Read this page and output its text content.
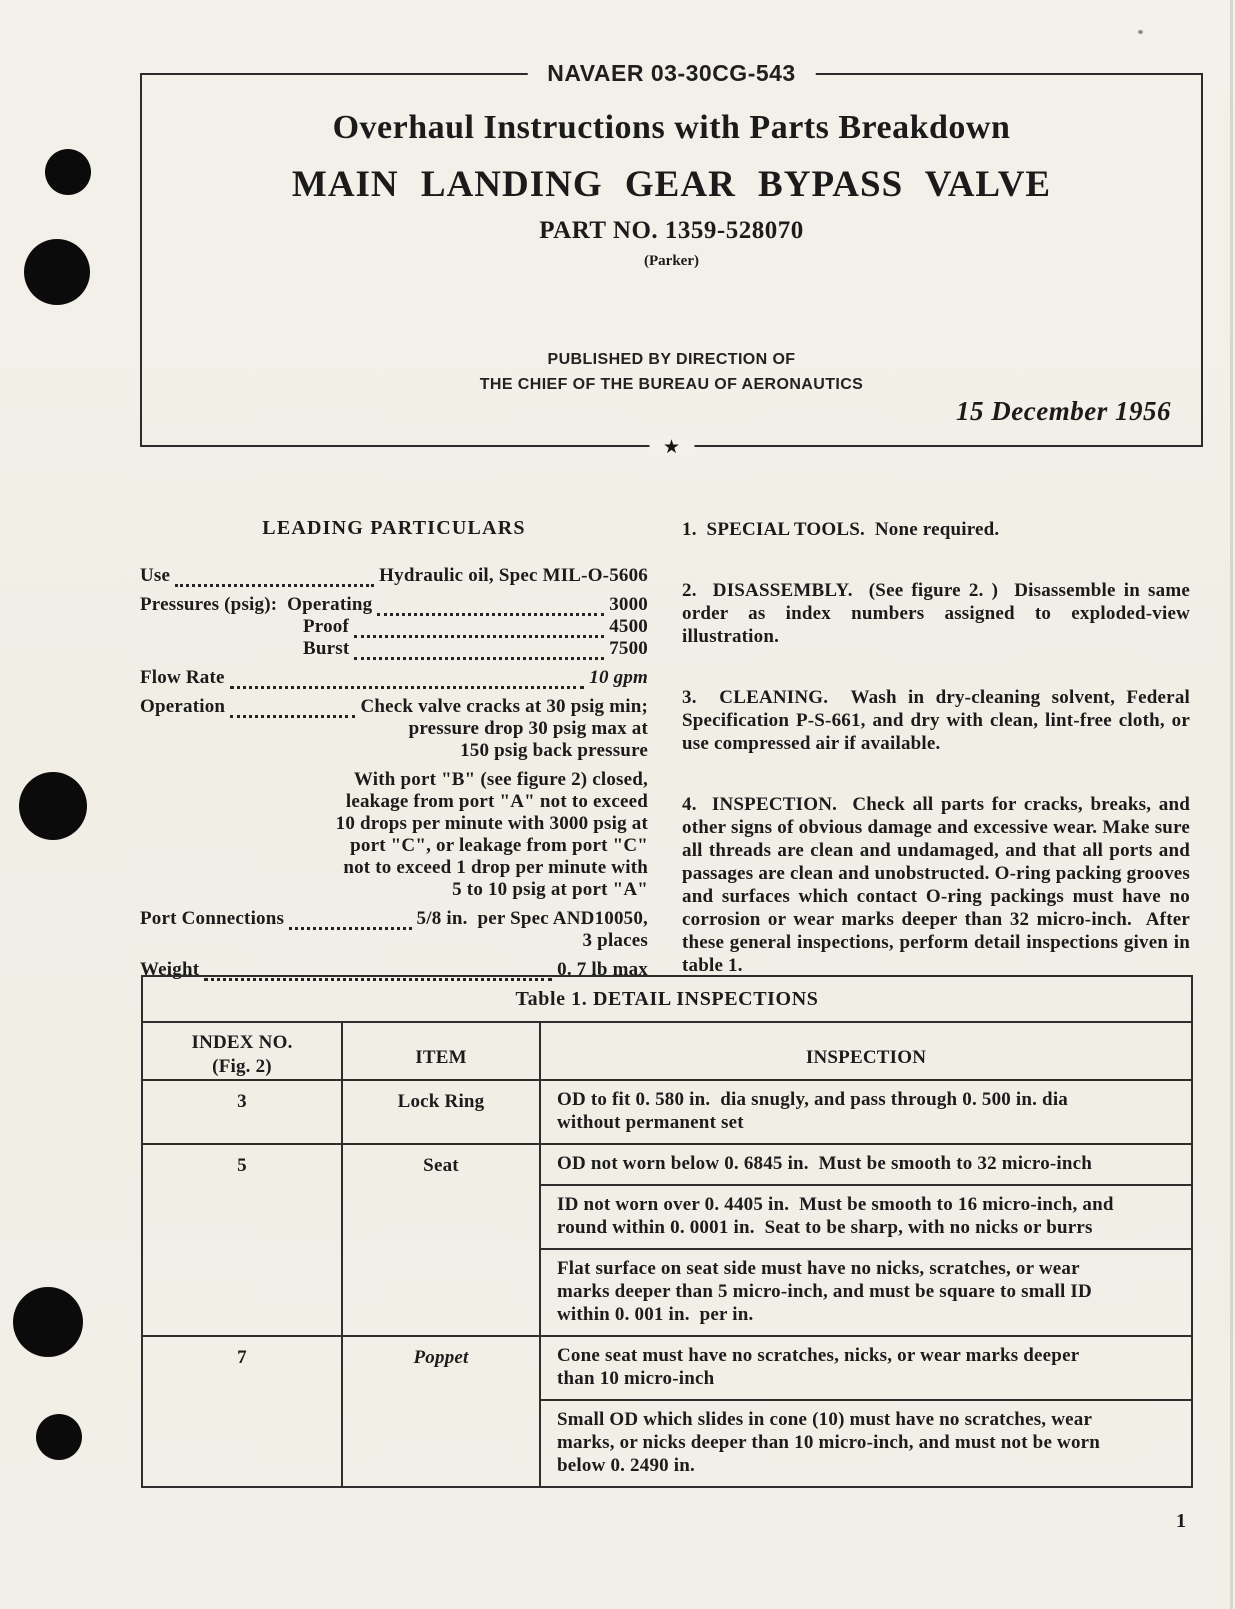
NAVAER 03-30CG-543
Overhaul Instructions with Parts Breakdown
MAIN LANDING GEAR BYPASS VALVE
PART NO. 1359-528070
(Parker)
PUBLISHED BY DIRECTION OF
THE CHIEF OF THE BUREAU OF AERONAUTICS
15 December 1956
★
LEADING PARTICULARS
Use	Hydraulic oil, Spec MIL-O-5606
Pressures (psig):  Operating	3000
Proof	4500
Burst	7500
Flow Rate	10 gpm
Operation	Check valve cracks at 30 psig min;
pressure drop 30 psig max at
150 psig back pressure
With port "B" (see figure 2) closed,
leakage from port "A" not to exceed
10 drops per minute with 3000 psig at
port "C", or leakage from port "C"
not to exceed 1 drop per minute with
5 to 10 psig at port "A"
Port Connections	5/8 in.  per Spec AND10050,
3 places
Weight	0. 7 lb max

1.  SPECIAL TOOLS.  None required.

2.  DISASSEMBLY.  (See figure 2. )  Disassemble in same order as index numbers assigned to exploded-view illustration.

3.  CLEANING.  Wash in dry-cleaning solvent, Federal Specification P-S-661, and dry with clean, lint-free cloth, or use compressed air if available.

4.  INSPECTION.  Check all parts for cracks, breaks, and other signs of obvious damage and excessive wear. Make sure all threads are clean and undamaged, and that all ports and passages are clean and unobstructed. O-ring packing grooves and surfaces which contact O-ring packings must have no corrosion or wear marks deeper than 32 micro-inch.  After these general inspections, perform detail inspections given in table 1.

Table 1. DETAIL INSPECTIONS		

INDEX NO.
(Fig. 2)	ITEM	INSPECTION
3	Lock Ring	OD to fit 0. 580 in.  dia snugly, and pass through 0. 500 in. dia without permanent set
5	Seat	OD not worn below 0. 6845 in.  Must be smooth to 32 micro-inch
		ID not worn over 0. 4405 in.  Must be smooth to 16 micro-inch, and round within 0. 0001 in.  Seat to be sharp, with no nicks or burrs
		Flat surface on seat side must have no nicks, scratches, or wear marks deeper than 5 micro-inch, and must be square to small ID within 0. 001 in.  per in.
7	Poppet	Cone seat must have no scratches, nicks, or wear marks deeper than 10 micro-inch
		Small OD which slides in cone (10) must have no scratches, wear marks, or nicks deeper than 10 micro-inch, and must not be worn below 0. 2490 in.
1
